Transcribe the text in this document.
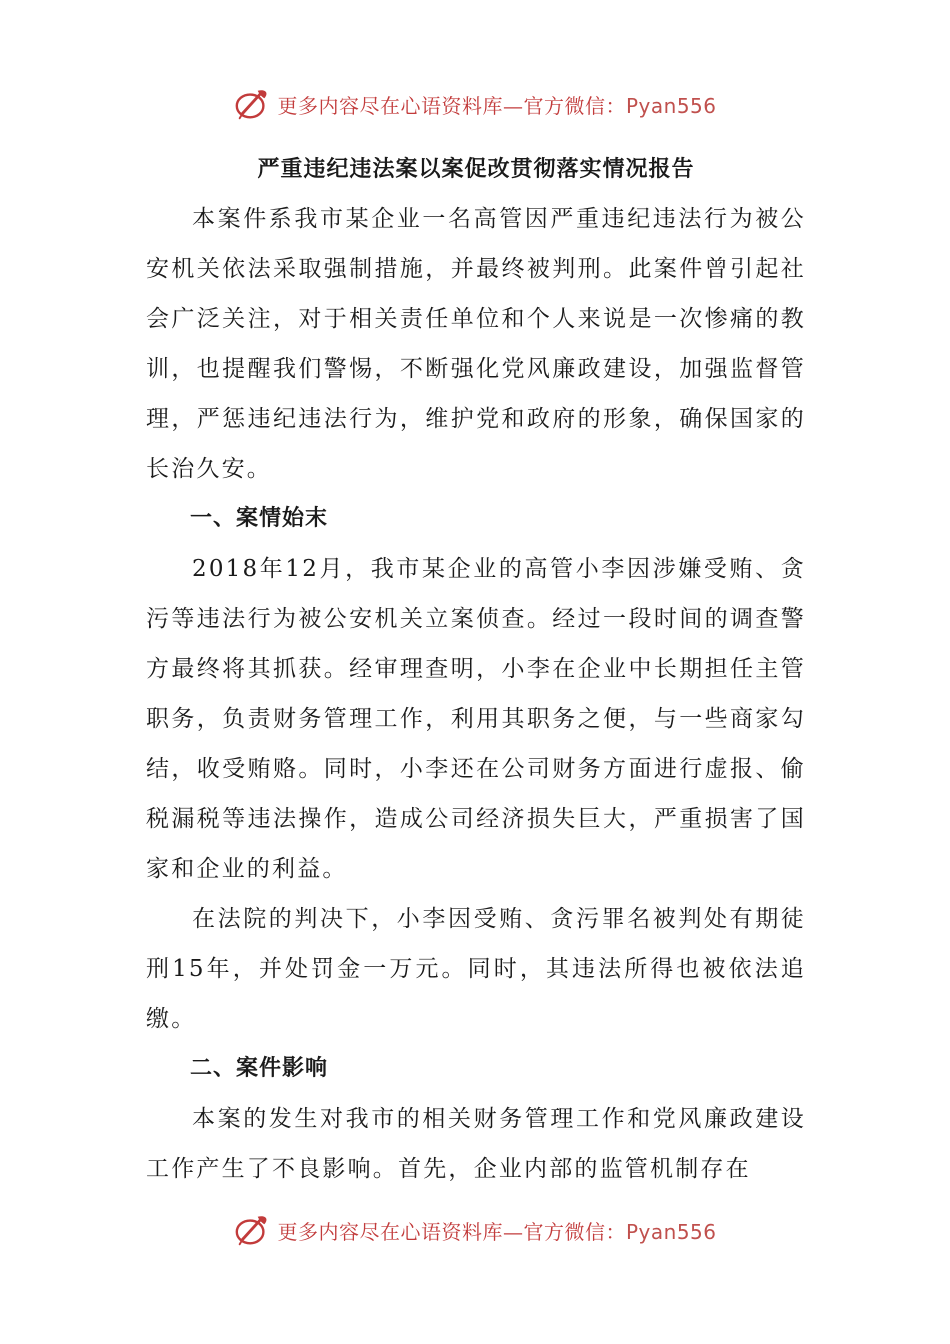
更多内容尽在心语资料库—官方微信：Pyan556
严重违纪违法案以案促改贯彻落实情况报告

本案件系我市某企业一名高管因严重违纪违法行为被公安机关依法采取强制措施，并最终被判刑。此案件曾引起社会广泛关注，对于相关责任单位和个人来说是一次惨痛的教训，也提醒我们警惕，不断强化党风廉政建设，加强监督管理，严惩违纪违法行为，维护党和政府的形象，确保国家的长治久安。

一、案情始末

2018年12月，我市某企业的高管小李因涉嫌受贿、贪污等违法行为被公安机关立案侦查。经过一段时间的调查警方最终将其抓获。经审理查明，小李在企业中长期担任主管职务，负责财务管理工作，利用其职务之便，与一些商家勾结，收受贿赂。同时，小李还在公司财务方面进行虚报、偷税漏税等违法操作，造成公司经济损失巨大，严重损害了国家和企业的利益。

在法院的判决下，小李因受贿、贪污罪名被判处有期徒刑15年，并处罚金一万元。同时，其违法所得也被依法追缴。

二、案件影响

本案的发生对我市的相关财务管理工作和党风廉政建设工作产生了不良影响。首先，企业内部的监管机制存在

更多内容尽在心语资料库—官方微信：Pyan556
